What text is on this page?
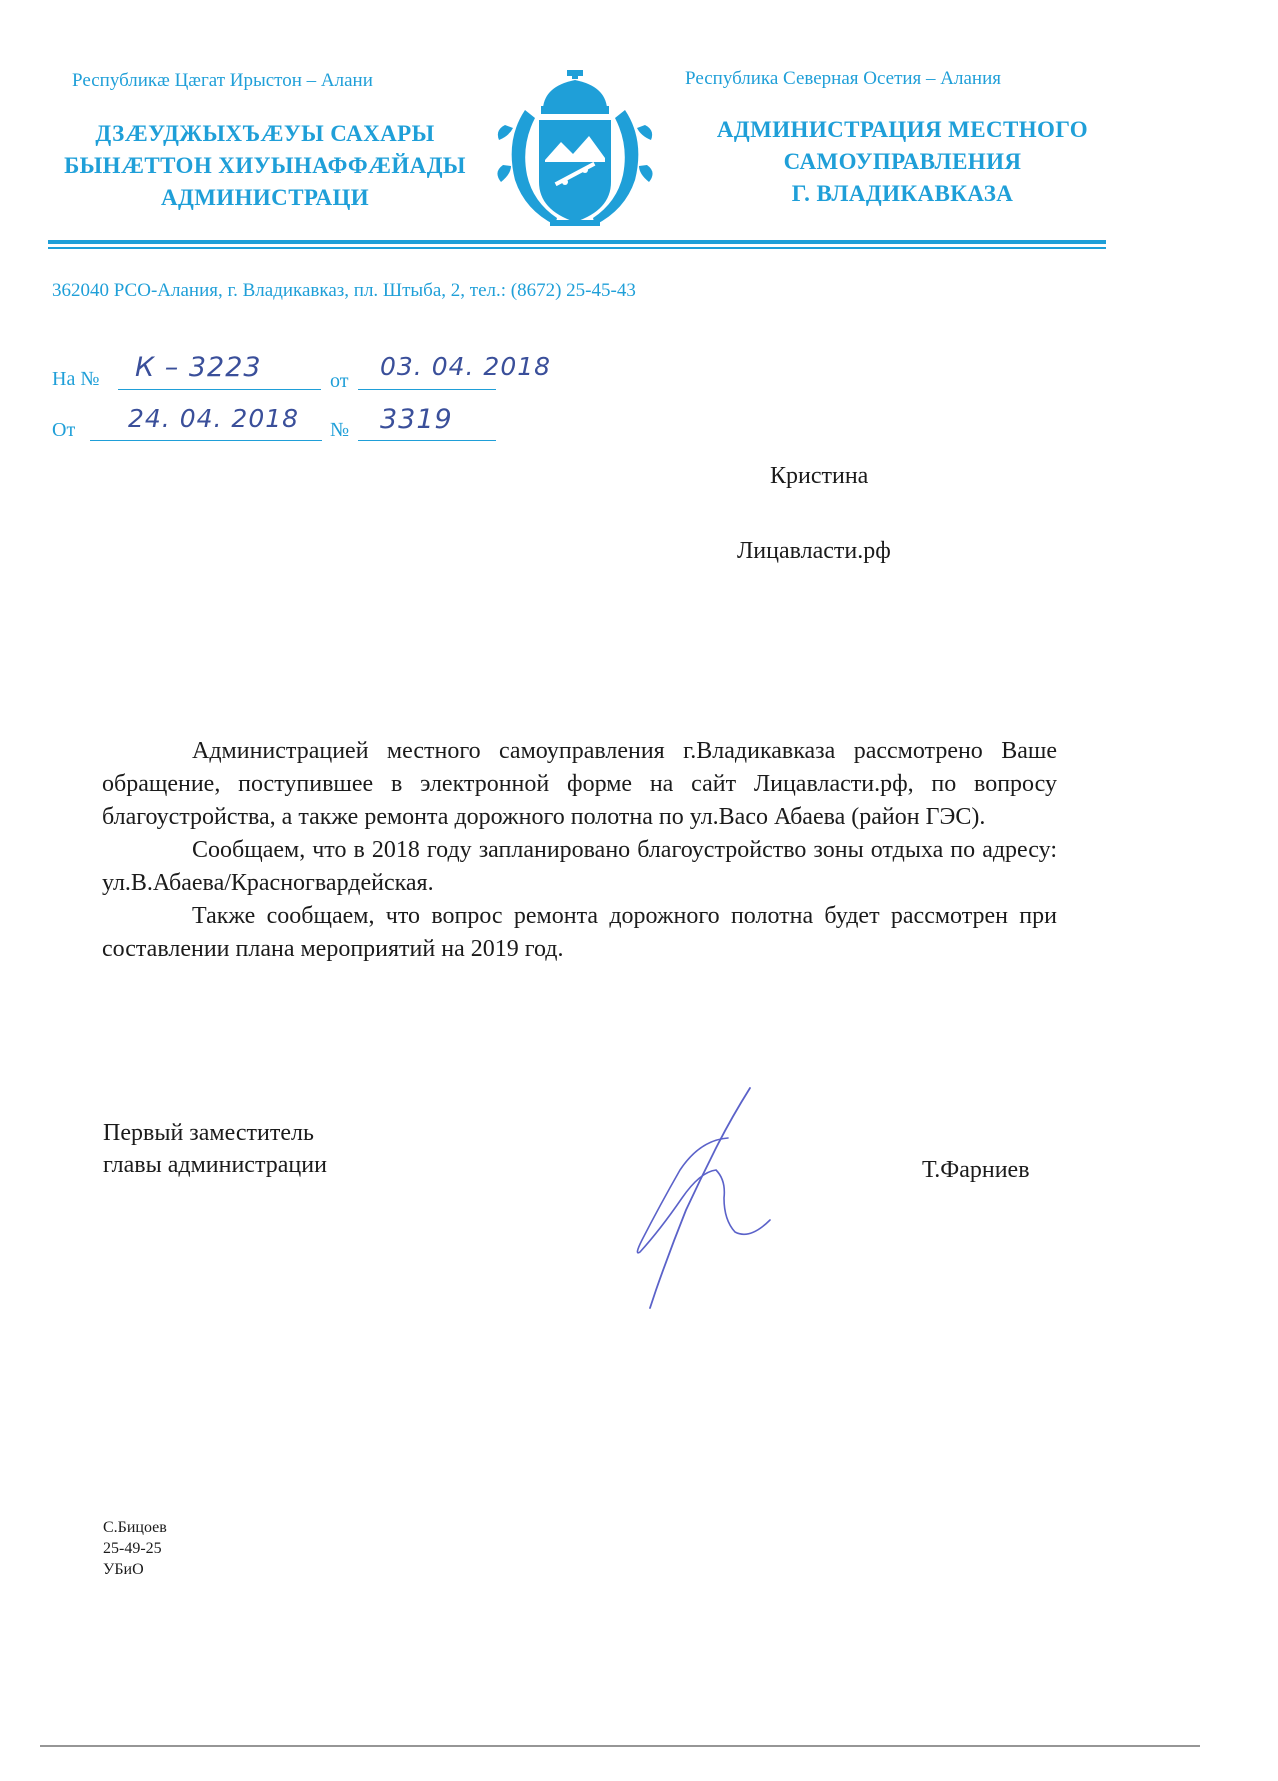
Республикæ Цæгат Ирыстон – Алани	Республика Северная Осетия – Алания
ДЗÆУДЖЫХЪÆУЫ САХАРЫ
БЫНÆТТОН ХИУЫНАФФÆЙАДЫ
АДМИНИСТРАЦИ
АДМИНИСТРАЦИЯ МЕСТНОГО
САМОУПРАВЛЕНИЯ
Г. ВЛАДИКАВКАЗА
362040 РСО-Алания, г. Владикавказ, пл. Штыба, 2, тел.: (8672) 25-45-43
На № К – 3223	от 03. 04. 2018
От 24. 04. 2018 № 3319
Кристина
Лицавласти.рф

Администрацией местного самоуправления г.Владикавказа рассмотрено Ваше обращение, поступившее в электронной форме на сайт Лицавласти.рф, по вопросу благоустройства, а также ремонта дорожного полотна по ул.Васо Абаева (район ГЭС).

Сообщаем, что в 2018 году запланировано благоустройство зоны отдыха по адресу: ул.В.Абаева/Красногвардейская.

Также сообщаем, что вопрос ремонта дорожного полотна будет рассмотрен при составлении плана мероприятий на 2019 год.

Первый заместитель
главы администрации	Т.Фарниев
С.Бицоев
25-49-25
УБиО
